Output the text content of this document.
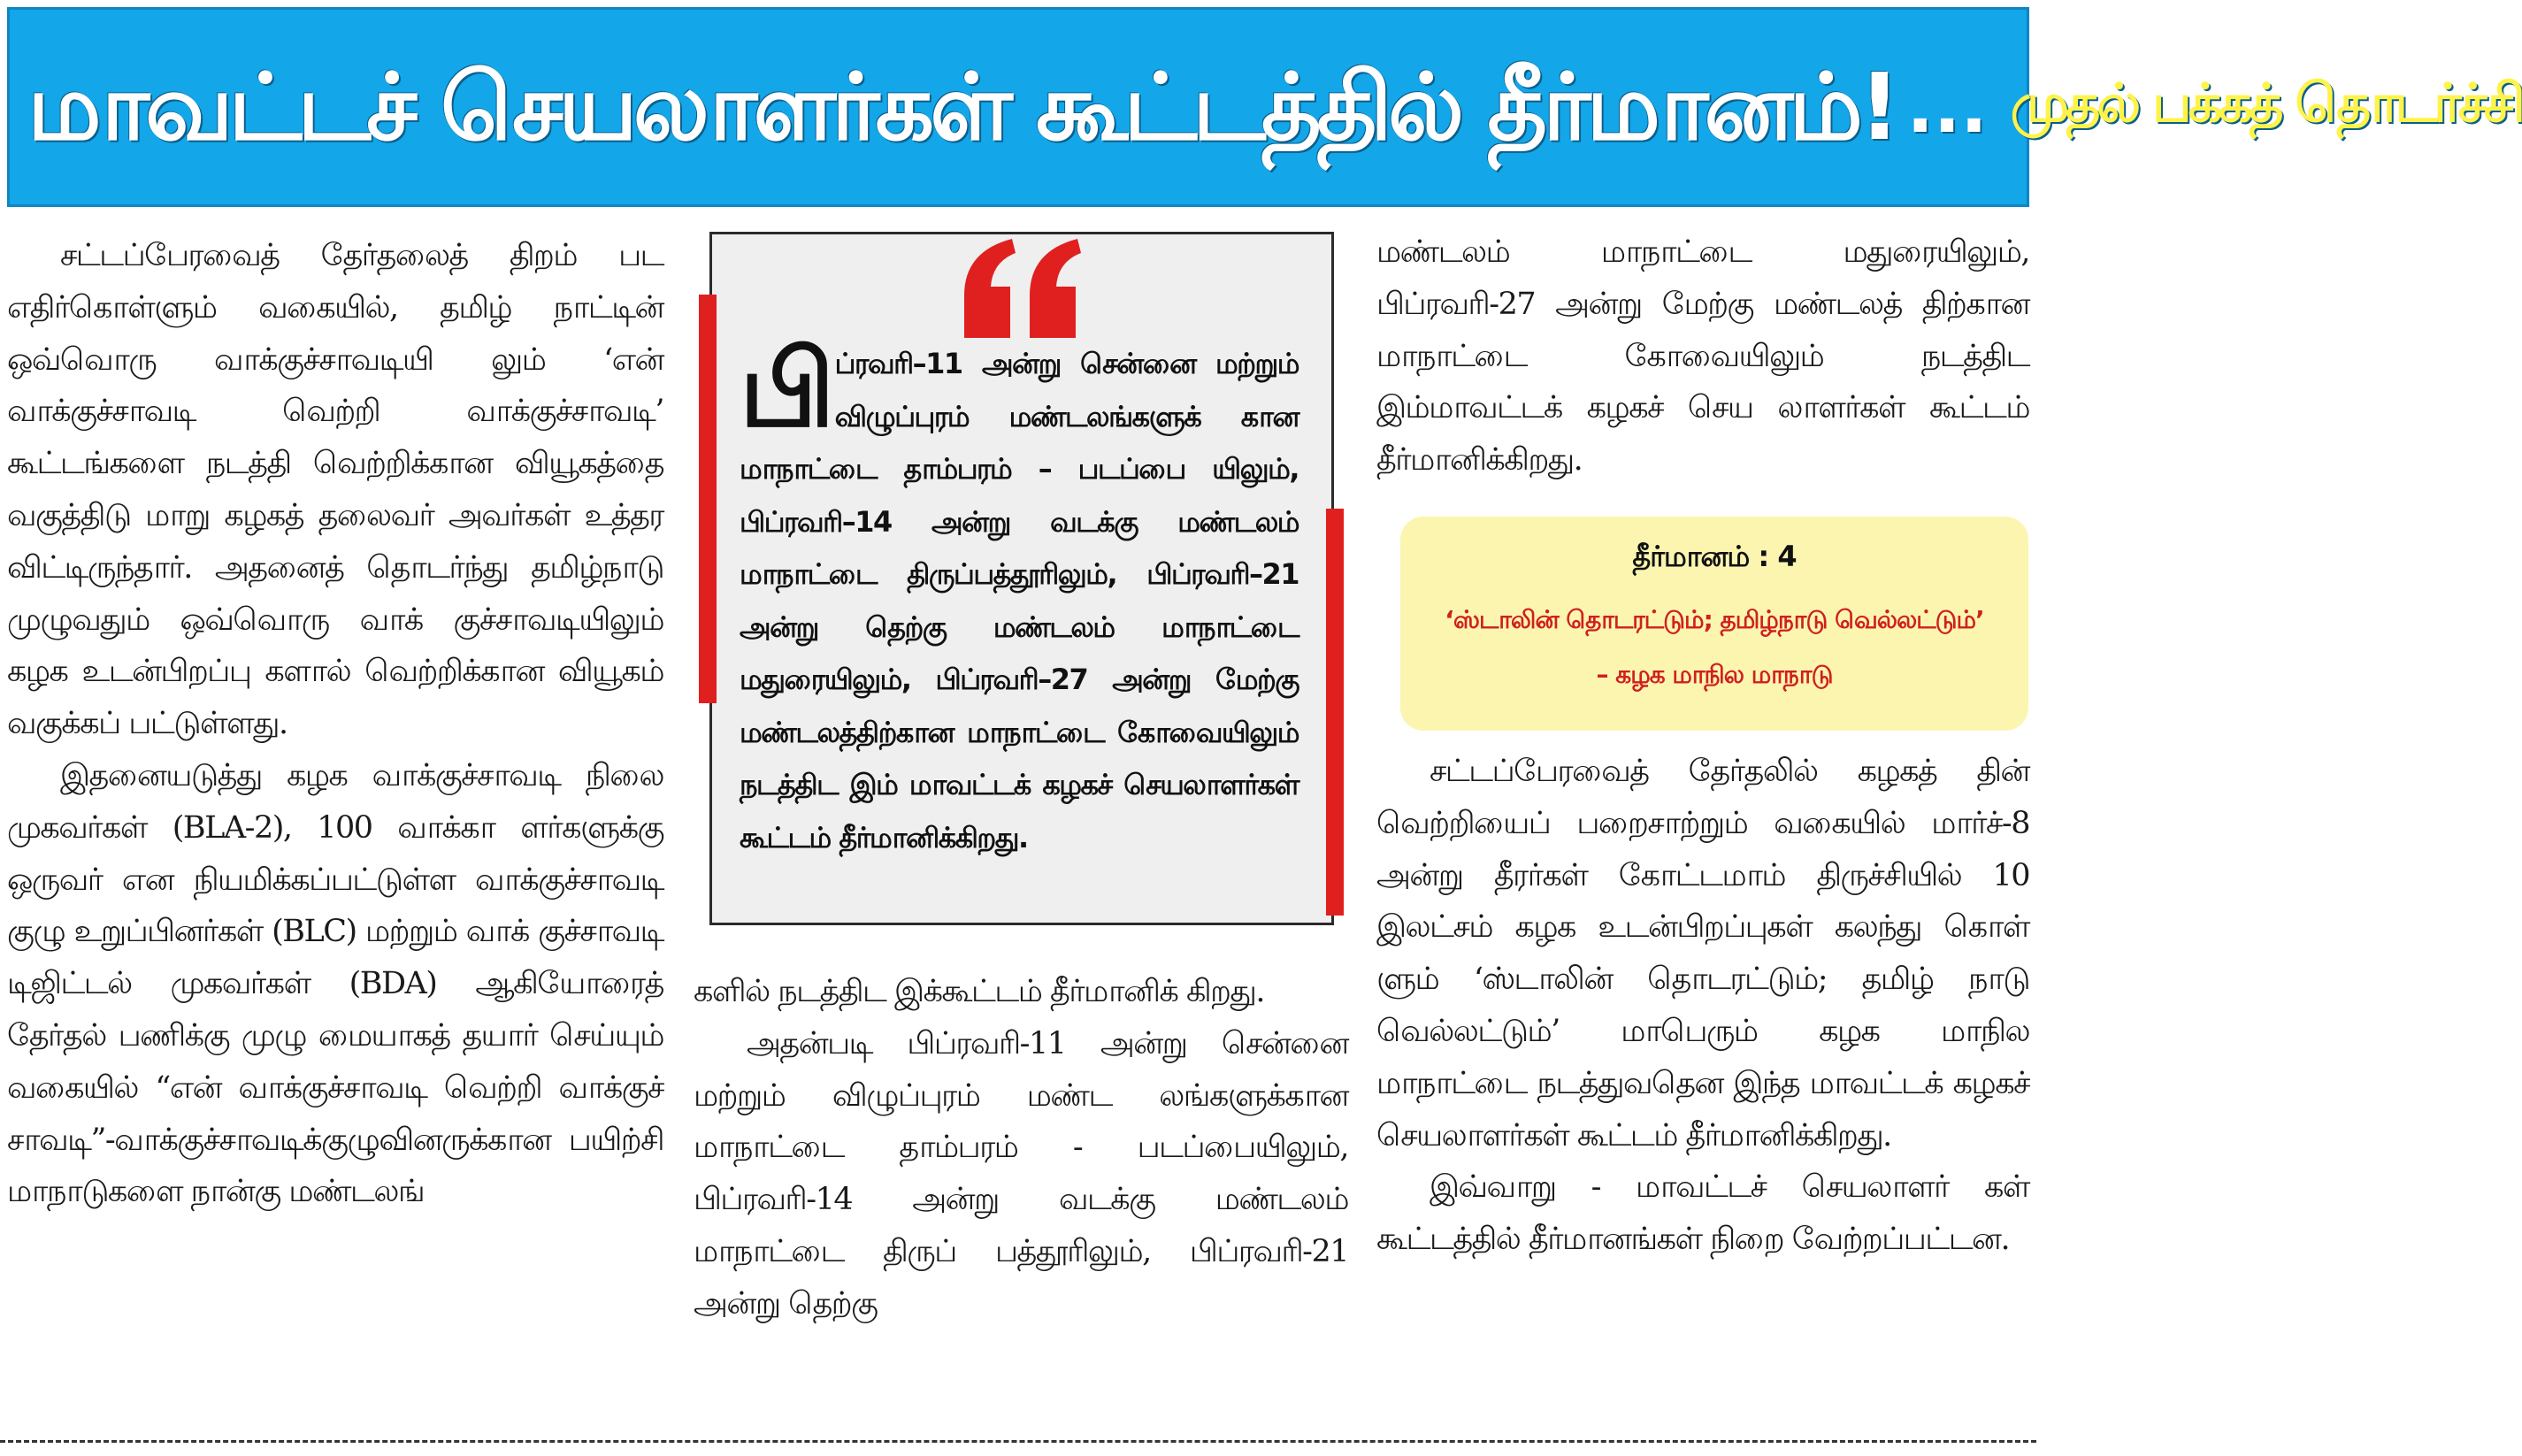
மாவட்டச் செயலாளர்கள் கூட்டத்தில் தீர்மானம்! ... முதல் பக்கத் தொடர்ச்சி

சட்டப்பேரவைத் தேர்தலைத் திறம் பட எதிர்கொள்ளும் வகையில், தமிழ் நாட்டின் ஒவ்வொரு வாக்குச்சாவடியி லும் ‘என் வாக்குச்சாவடி வெற்றி வாக்குச்சாவடி’ கூட்டங்களை நடத்தி வெற்றிக்கான வியூகத்தை வகுத்திடு மாறு கழகத் தலைவர் அவர்கள் உத்தர விட்டிருந்தார். அதனைத் தொடர்ந்து தமிழ்நாடு முழுவதும் ஒவ்வொரு வாக் குச்சாவடியிலும் கழக உடன்பிறப்பு களால் வெற்றிக்கான வியூகம் வகுக்கப் பட்டுள்ளது.

இதனையடுத்து கழக வாக்குச்சாவடி நிலை முகவர்கள் (BLA-2), 100 வாக்கா ளர்களுக்கு ஒருவர் என நியமிக்கப்பட்டுள்ள வாக்குச்சாவடி குழு உறுப்பினர்கள் (BLC) மற்றும் வாக் குச்சாவடி டிஜிட்டல் முகவர்கள் (BDA) ஆகியோரைத் தேர்தல் பணிக்கு முழு மையாகத் தயார் செய்யும் வகையில் “என் வாக்குச்சாவடி வெற்றி வாக்குச் சாவடி”-வாக்குச்சாவடிக்குழுவினருக்கான பயிற்சி மாநாடுகளை நான்கு மண்டலங்

பிப்ரவரி–11 அன்று சென்னை மற்றும் விழுப்புரம் மண்டலங்களுக் கான மாநாட்டை தாம்பரம் – படப்பை யிலும், பிப்ரவரி–14 அன்று வடக்கு மண்டலம் மாநாட்டை திருப்பத்தூரிலும், பிப்ரவரி–21 அன்று தெற்கு மண்டலம் மாநாட்டை மதுரையிலும், பிப்ரவரி–27 அன்று மேற்கு மண்டலத்திற்கான மாநாட்டை கோவையிலும் நடத்திட இம் மாவட்டக் கழகச் செயலாளர்கள் கூட்டம் தீர்மானிக்கிறது.

களில் நடத்திட இக்கூட்டம் தீர்மானிக் கிறது.

அதன்படி பிப்ரவரி-11 அன்று சென்னை மற்றும் விழுப்புரம் மண்ட லங்களுக்கான மாநாட்டை தாம்பரம் - படப்பையிலும், பிப்ரவரி-14 அன்று வடக்கு மண்டலம் மாநாட்டை திருப் பத்தூரிலும், பிப்ரவரி-21 அன்று தெற்கு

மண்டலம் மாநாட்டை மதுரையிலும், பிப்ரவரி-27 அன்று மேற்கு மண்டலத் திற்கான மாநாட்டை கோவையிலும் நடத்திட இம்மாவட்டக் கழகச் செய லாளர்கள் கூட்டம் தீர்மானிக்கிறது.

தீர்மானம் : 4
‘ஸ்டாலின் தொடரட்டும்; தமிழ்நாடு வெல்லட்டும்’
– கழக மாநில மாநாடு

சட்டப்பேரவைத் தேர்தலில் கழகத் தின் வெற்றியைப் பறைசாற்றும் வகையில் மார்ச்-8 அன்று தீரர்கள் கோட்டமாம் திருச்சியில் 10 இலட்சம் கழக உடன்பிறப்புகள் கலந்து கொள் ளும் ‘ஸ்டாலின் தொடரட்டும்; தமிழ் நாடு வெல்லட்டும்’ மாபெரும் கழக மாநில மாநாட்டை நடத்துவதென இந்த மாவட்டக் கழகச் செயலாளர்கள் கூட்டம் தீர்மானிக்கிறது.

இவ்வாறு - மாவட்டச் செயலாளர் கள் கூட்டத்தில் தீர்மானங்கள் நிறை வேற்றப்பட்டன.
